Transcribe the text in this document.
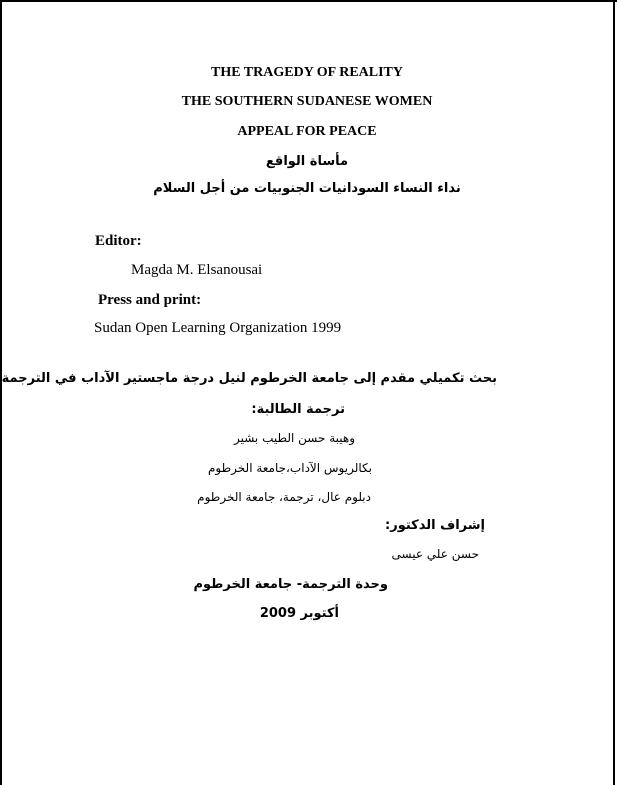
THE TRAGEDY OF REALITY
THE SOUTHERN SUDANESE WOMEN
APPEAL FOR PEACE
مأساة الواقع
نداء النساء السودانيات الجنوبيات من أجل السلام
Editor:
Magda M. Elsanousai
Press and print:
Sudan Open Learning Organization 1999
بحث تكميلي مقدم إلى جامعة الخرطوم لنيل درجة ماجستير الآداب في الترجمة
ترجمة الطالبة:
وهيبة حسن الطيب بشير
بكالريوس الآداب،جامعة الخرطوم
دبلوم عال، ترجمة، جامعة الخرطوم
إشراف الدكتور:
حسن علي عيسى
وحدة الترجمة- جامعة الخرطوم
أكتوبر 2009
